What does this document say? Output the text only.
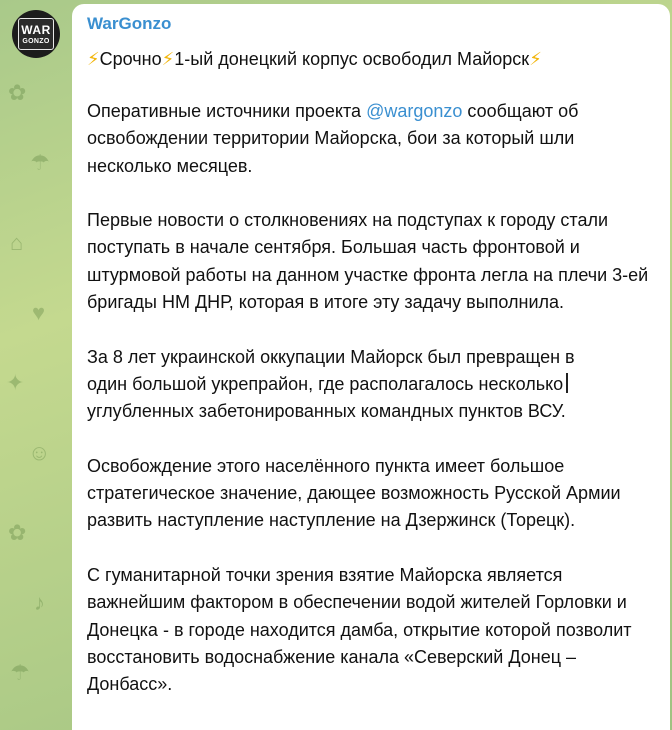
✿
☂
⌂
♥
✦
☺
✿
♪
☂
WAR
GONZO
WarGonzo
⚡Срочно⚡1-ый донецкий корпус освободил Майорск⚡

Оперативные источники проекта @wargonzo сообщают об освобождении территории Майорска, бои за который шли несколько месяцев.

Первые новости о столкновениях на подступах к городу стали поступать в начале сентября. Большая часть фронтовой и штурмовой работы на данном участке фронта легла на плечи 3-ей бригады НМ ДНР, которая в итоге эту задачу выполнила.

За 8 лет украинской оккупации Майорск был превращен в
один большой укрепрайон, где располагалось несколько
углубленных забетонированных командных пунктов ВСУ.

Освобождение этого населённого пункта имеет большое стратегическое значение, дающее возможность Русской Армии развить наступление наступление на Дзержинск (Торецк).

С гуманитарной точки зрения взятие Майорска является важнейшим фактором в обеспечении водой жителей Горловки и Донецка - в городе находится дамба, открытие которой позволит восстановить водоснабжение канала «Северский Донец – Донбасс».
